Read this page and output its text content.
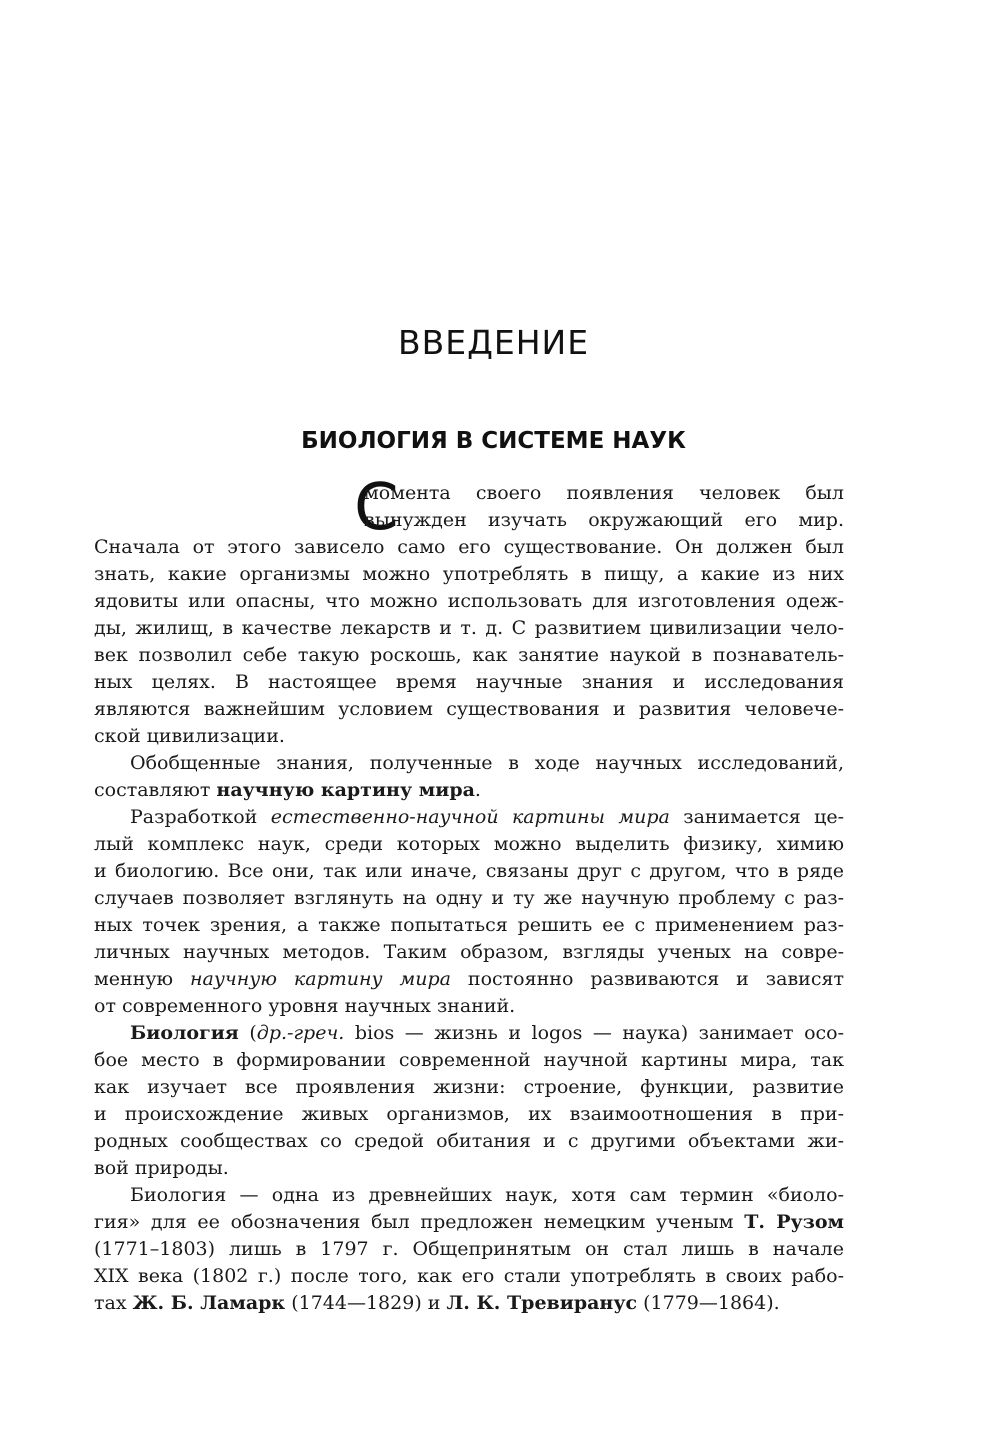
ВВЕДЕНИЕ
БИОЛОГИЯ В СИСТЕМЕ НАУК
С
момента своего появления человек был
вынужден изучать окружающий его мир.
Сначала от этого зависело само его существование. Он должен был
знать, какие организмы можно употреблять в пищу, а какие из них
ядовиты или опасны, что можно использовать для изготовления одеж-
ды, жилищ, в качестве лекарств и т. д. С развитием цивилизации чело-
век позволил себе такую роскошь, как занятие наукой в познаватель-
ных целях. В настоящее время научные знания и исследования
являются важнейшим условием существования и развития человече-
ской цивилизации.
Обобщенные знания, полученные в ходе научных исследований,
составляют научную картину мира.
Разработкой естественно-научной картины мира занимается це-
лый комплекс наук, среди которых можно выделить физику, химию
и биологию. Все они, так или иначе, связаны друг с другом, что в ряде
случаев позволяет взглянуть на одну и ту же научную проблему с раз-
ных точек зрения, а также попытаться решить ее с применением раз-
личных научных методов. Таким образом, взгляды ученых на совре-
менную научную картину мира постоянно развиваются и зависят
от современного уровня научных знаний.
Биология (др.-греч. bios — жизнь и logos — наука) занимает осо-
бое место в формировании современной научной картины мира, так
как изучает все проявления жизни: строение, функции, развитие
и происхождение живых организмов, их взаимоотношения в при-
родных сообществах со средой обитания и с другими объектами жи-
вой природы.
Биология — одна из древнейших наук, хотя сам термин «биоло-
гия» для ее обозначения был предложен немецким ученым Т. Рузом
(1771–1803) лишь в 1797 г. Общепринятым он стал лишь в начале
XIX века (1802 г.) после того, как его стали употреблять в своих рабо-
тах Ж. Б. Ламарк (1744—1829) и Л. К. Тревиранус (1779—1864).
